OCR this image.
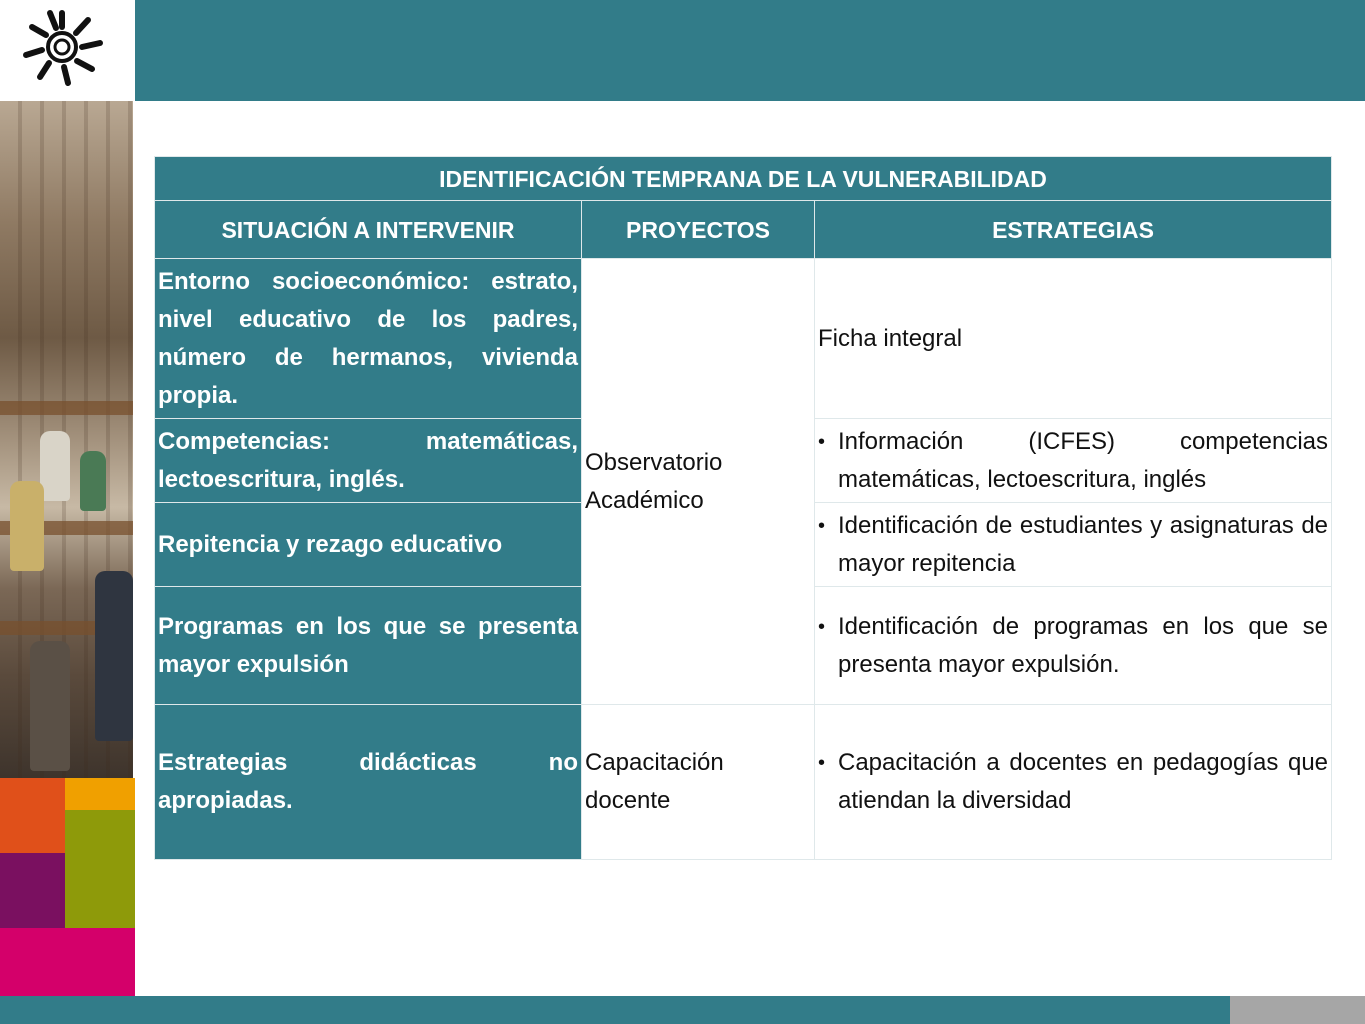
IDENTIFICACIÓN TEMPRANA DE LA VULNERABILIDAD		
SITUACIÓN A INTERVENIR	PROYECTOS	ESTRATEGIAS
Entorno socioeconómico: estrato, nivel educativo de los padres, número de hermanos, vivienda propia.	Observatorio Académico	Ficha integral
Competencias: matemáticas, lectoescritura, inglés.		• Información (ICFES) competencias matemáticas, lectoescritura, inglés

Repitencia y rezago educativo		• Identificación de estudiantes y asignaturas de mayor repitencia

Programas en los que se presenta mayor expulsión		• Identificación de programas en los que se presenta mayor expulsión.

Estrategias didácticas no apropiadas.	Capacitación docente	• Capacitación a docentes en pedagogías que atiendan la diversidad
